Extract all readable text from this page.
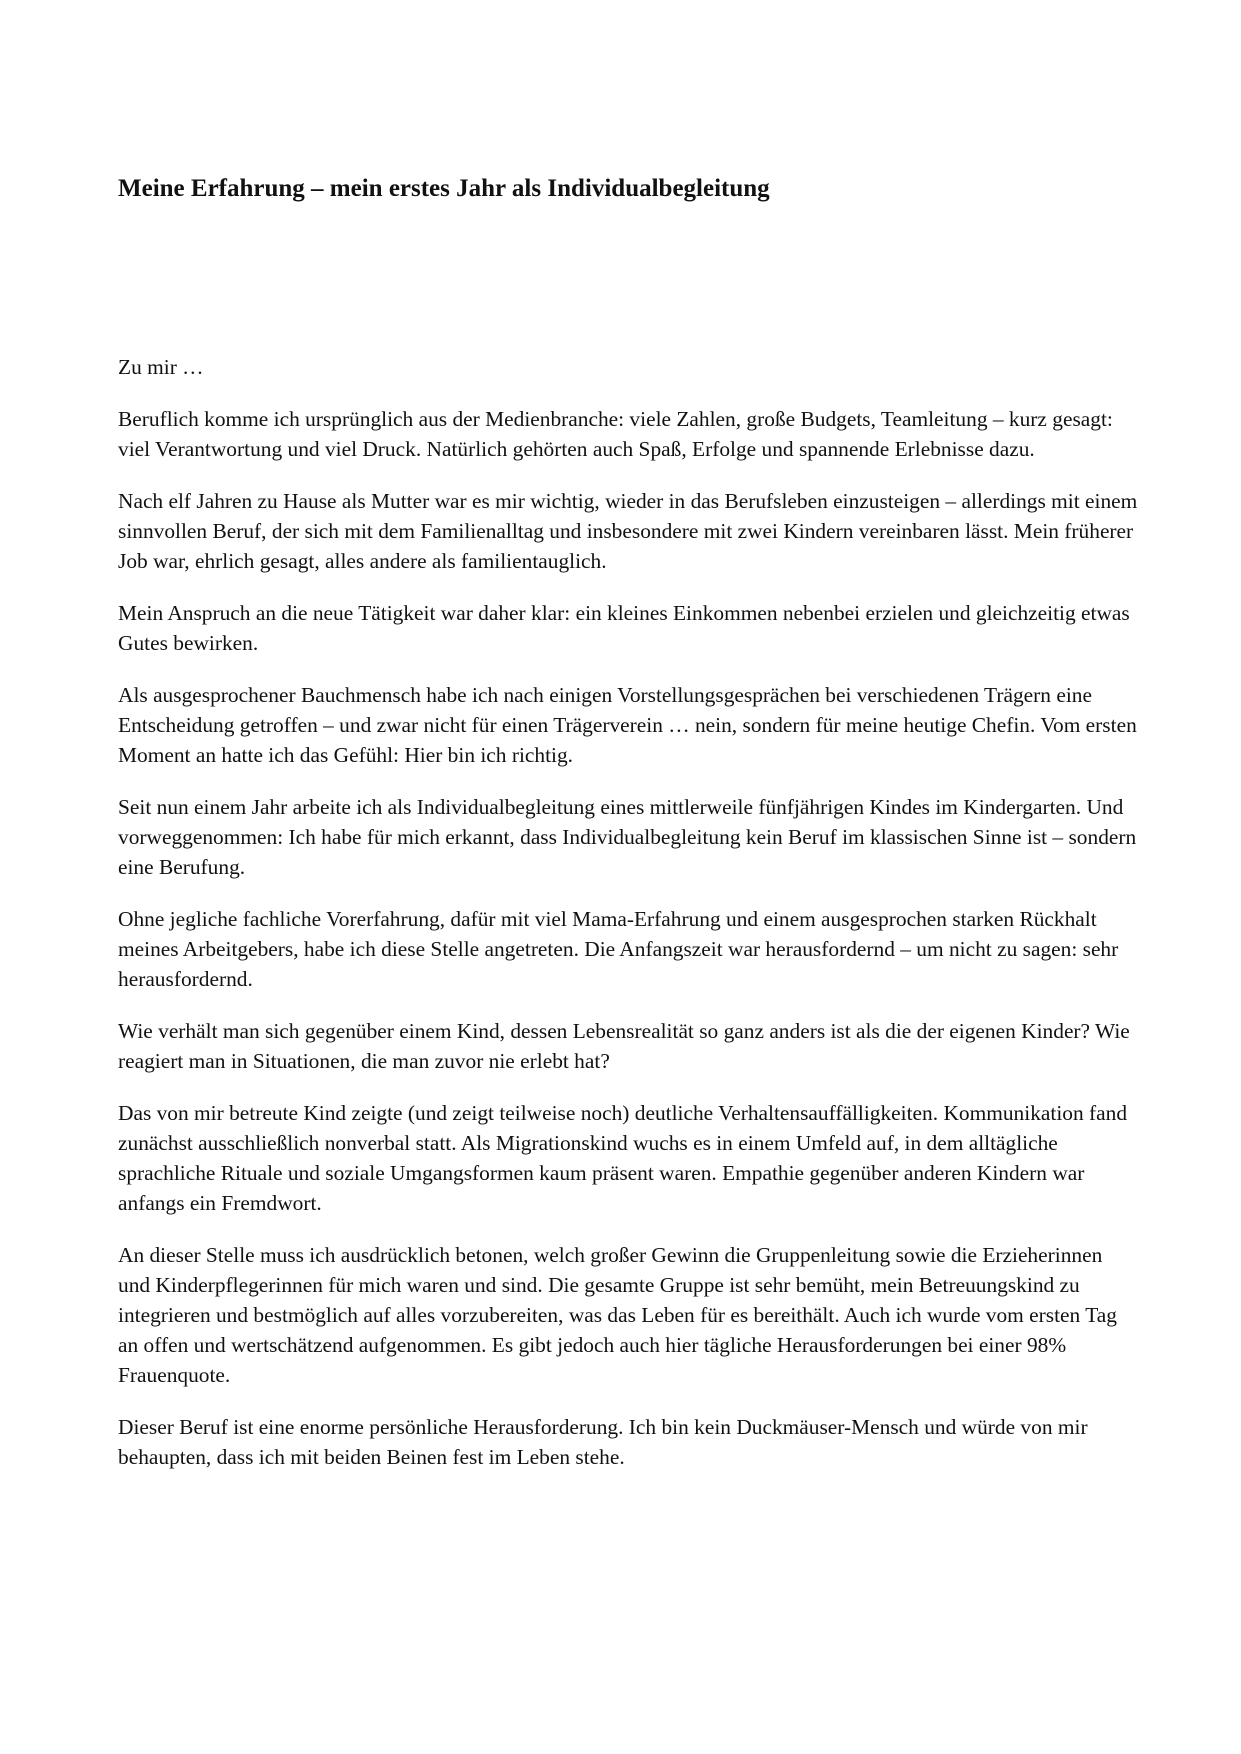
Meine Erfahrung – mein erstes Jahr als Individualbegleitung

Zu mir …

Beruflich komme ich ursprünglich aus der Medienbranche: viele Zahlen, große Budgets, Teamleitung – kurz gesagt: viel Verantwortung und viel Druck. Natürlich gehörten auch Spaß, Erfolge und spannende Erlebnisse dazu.

Nach elf Jahren zu Hause als Mutter war es mir wichtig, wieder in das Berufsleben einzusteigen – allerdings mit einem sinnvollen Beruf, der sich mit dem Familienalltag und insbesondere mit zwei Kindern vereinbaren lässt. Mein früherer Job war, ehrlich gesagt, alles andere als familientauglich.

Mein Anspruch an die neue Tätigkeit war daher klar: ein kleines Einkommen nebenbei erzielen und gleichzeitig etwas Gutes bewirken.

Als ausgesprochener Bauchmensch habe ich nach einigen Vorstellungsgesprächen bei verschiedenen Trägern eine Entscheidung getroffen – und zwar nicht für einen Trägerverein … nein, sondern für meine heutige Chefin. Vom ersten Moment an hatte ich das Gefühl: Hier bin ich richtig.

Seit nun einem Jahr arbeite ich als Individualbegleitung eines mittlerweile fünfjährigen Kindes im Kindergarten. Und vorweggenommen: Ich habe für mich erkannt, dass Individualbegleitung kein Beruf im klassischen Sinne ist – sondern eine Berufung.

Ohne jegliche fachliche Vorerfahrung, dafür mit viel Mama-Erfahrung und einem ausgesprochen starken Rückhalt meines Arbeitgebers, habe ich diese Stelle angetreten. Die Anfangszeit war herausfordernd – um nicht zu sagen: sehr herausfordernd.

Wie verhält man sich gegenüber einem Kind, dessen Lebensrealität so ganz anders ist als die der eigenen Kinder? Wie reagiert man in Situationen, die man zuvor nie erlebt hat?

Das von mir betreute Kind zeigte (und zeigt teilweise noch) deutliche Verhaltensauffälligkeiten. Kommunikation fand zunächst ausschließlich nonverbal statt. Als Migrationskind wuchs es in einem Umfeld auf, in dem alltägliche sprachliche Rituale und soziale Umgangsformen kaum präsent waren. Empathie gegenüber anderen Kindern war anfangs ein Fremdwort.

An dieser Stelle muss ich ausdrücklich betonen, welch großer Gewinn die Gruppenleitung sowie die Erzieherinnen und Kinderpflegerinnen für mich waren und sind. Die gesamte Gruppe ist sehr bemüht, mein Betreuungskind zu integrieren und bestmöglich auf alles vorzubereiten, was das Leben für es bereithält. Auch ich wurde vom ersten Tag an offen und wertschätzend aufgenommen. Es gibt jedoch auch hier tägliche Herausforderungen bei einer 98% Frauenquote.

Dieser Beruf ist eine enorme persönliche Herausforderung. Ich bin kein Duckmäuser-Mensch und würde von mir behaupten, dass ich mit beiden Beinen fest im Leben stehe.
